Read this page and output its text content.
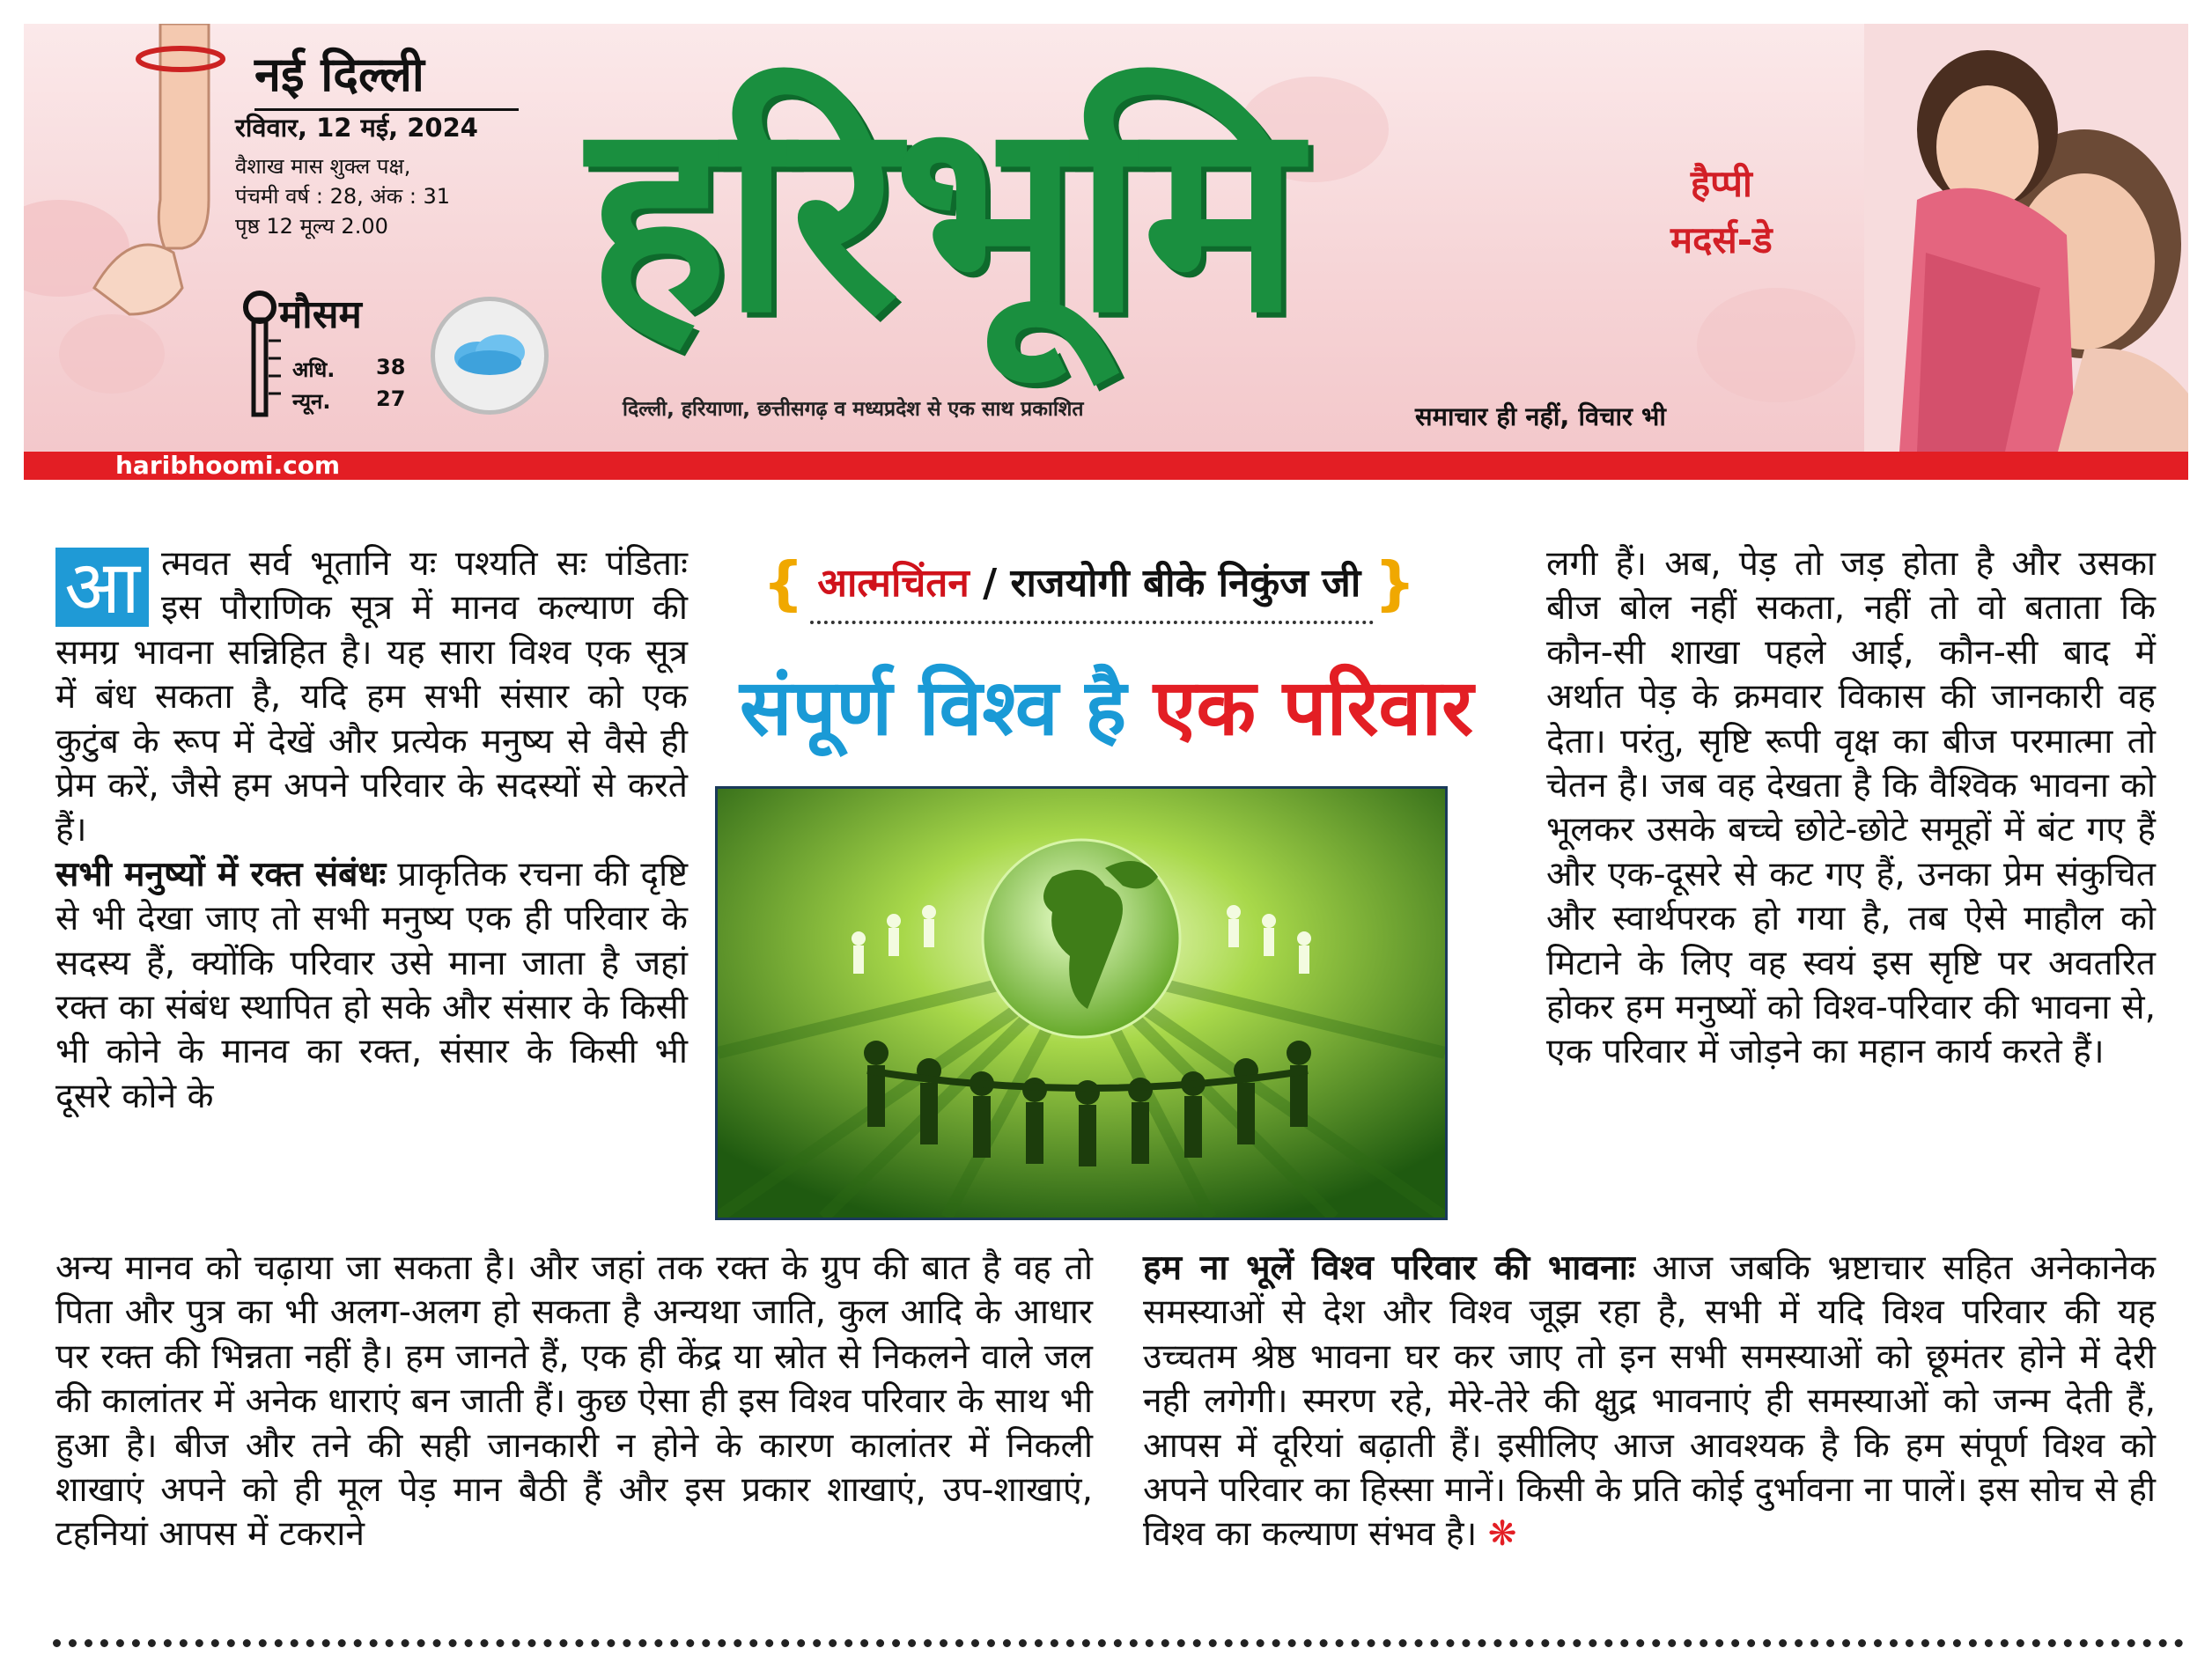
नई दिल्ली
रविवार, 12 मई, 2024
वैशाख मास शुक्ल पक्ष,
पंचमी वर्ष : 28, अंक : 31
पृष्ठ 12 मूल्य 2.00
मौसम
अधि. 38
न्यून. 27
हरिभूमि
दिल्ली, हरियाणा, छत्तीसगढ़ व मध्यप्रदेश से एक साथ प्रकाशित	समाचार ही नहीं, विचार भी
हैप्पी
मदर्स-डे
haribhoomi.com
{ आत्मचिंतन / राजयोगी बीके निकुंज जी }
संपूर्ण विश्व है एक परिवार

आ त्मवत सर्व भूतानि यः पश्यति सः पंडिताः इस पौराणिक सूत्र में मानव कल्याण की समग्र भावना सन्निहित है। यह सारा विश्व एक सूत्र में बंध सकता है, यदि हम सभी संसार को एक कुटुंब के रूप में देखें और प्रत्येक मनुष्य से वैसे ही प्रेम करें, जैसे हम अपने परिवार के सदस्यों से करते हैं।

सभी मनुष्यों में रक्त संबंधः प्राकृतिक रचना की दृष्टि से भी देखा जाए तो सभी मनुष्य एक ही परिवार के सदस्य हैं, क्योंकि परिवार उसे माना जाता है जहां रक्त का संबंध स्थापित हो सके और संसार के किसी भी कोने के मानव का रक्त, संसार के किसी भी दूसरे कोने के

अन्य मानव को चढ़ाया जा सकता है। और जहां तक रक्त के ग्रुप की बात है वह तो पिता और पुत्र का भी अलग-अलग हो सकता है अन्यथा जाति, कुल आदि के आधार पर रक्त की भिन्नता नहीं है। हम जानते हैं, एक ही केंद्र या स्रोत से निकलने वाले जल की कालांतर में अनेक धाराएं बन जाती हैं। कुछ ऐसा ही इस विश्व परिवार के साथ भी हुआ है। बीज और तने की सही जानकारी न होने के कारण कालांतर में निकली शाखाएं अपने को ही मूल पेड़ मान बैठी हैं और इस प्रकार शाखाएं, उप-शाखाएं, टहनियां आपस में टकराने

लगी हैं। अब, पेड़ तो जड़ होता है और उसका बीज बोल नहीं सकता, नहीं तो वो बताता कि कौन-सी शाखा पहले आई, कौन-सी बाद में अर्थात पेड़ के क्रमवार विकास की जानकारी वह देता। परंतु, सृष्टि रूपी वृक्ष का बीज परमात्मा तो चेतन है। जब वह देखता है कि वैश्विक भावना को भूलकर उसके बच्चे छोटे-छोटे समूहों में बंट गए हैं और एक-दूसरे से कट गए हैं, उनका प्रेम संकुचित और स्वार्थपरक हो गया है, तब ऐसे माहौल को मिटाने के लिए वह स्वयं इस सृष्टि पर अवतरित होकर हम मनुष्यों को विश्व-परिवार की भावना से, एक परिवार में जोड़ने का महान कार्य करते हैं।

हम ना भूलें विश्व परिवार की भावनाः आज जबकि भ्रष्टाचार सहित अनेकानेक समस्याओं से देश और विश्व जूझ रहा है, सभी में यदि विश्व परिवार की यह उच्चतम श्रेष्ठ भावना घर कर जाए तो इन सभी समस्याओं को छूमंतर होने में देरी नही लगेगी। स्मरण रहे, मेरे-तेरे की क्षुद्र भावनाएं ही समस्याओं को जन्म देती हैं, आपस में दूरियां बढ़ाती हैं। इसीलिए आज आवश्यक है कि हम संपूर्ण विश्व को अपने परिवार का हिस्सा मानें। किसी के प्रति कोई दुर्भावना ना पालें। इस सोच से ही विश्व का कल्याण संभव है। ❋
